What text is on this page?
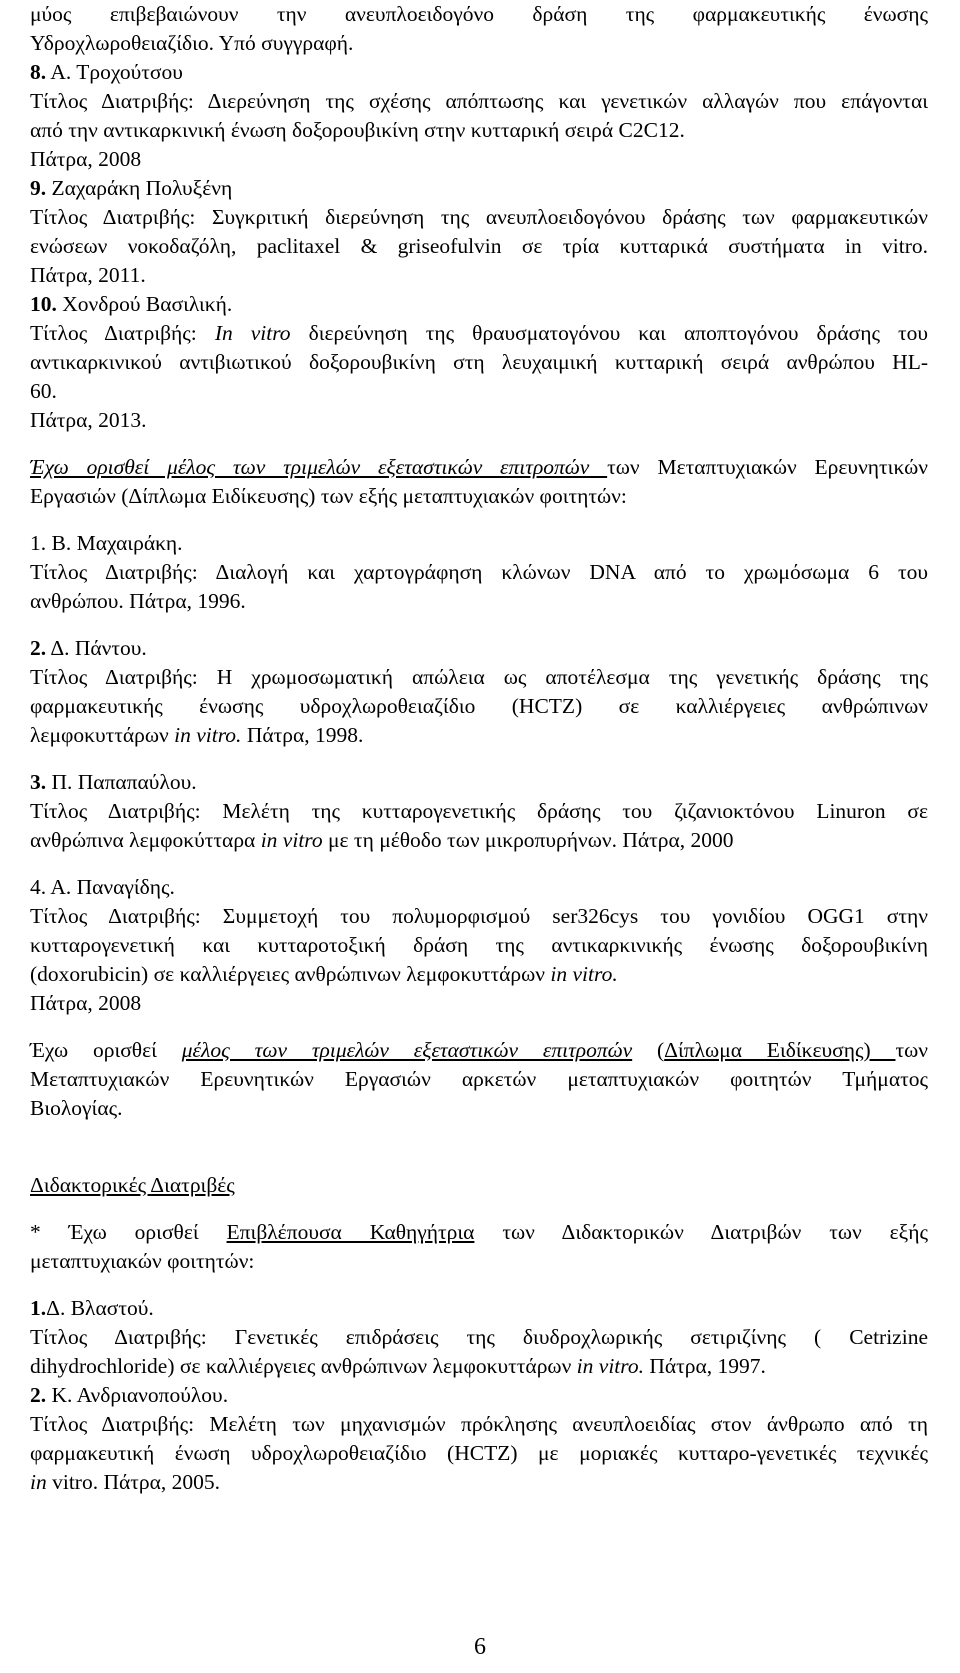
μύος επιβεβαιώνουν την ανευπλοειδογόνο δράση της φαρμακευτικής ένωσης

Υδροχλωροθειαζίδιο. Υπό συγγραφή.

8. Α. Τροχούτσου

Τίτλος Διατριβής: Διερεύνηση της σχέσης απόπτωσης και γενετικών αλλαγών που επάγονται

από την αντικαρκινική ένωση δοξορουβικίνη στην κυτταρική σειρά C2C12.

Πάτρα, 2008

9. Ζαχαράκη Πολυξένη

Τίτλος Διατριβής: Συγκριτική διερεύνηση της ανευπλοειδογόνου δράσης των φαρμακευτικών

ενώσεων νοκοδαζόλη, paclitaxel & griseofulvin σε τρία κυτταρικά συστήματα in vitro.

Πάτρα, 2011.

10. Χονδρού Βασιλική.

Τίτλος Διατριβής: In vitro διερεύνηση της θραυσματογόνου και αποπτογόνου δράσης του

αντικαρκινικού αντιβιωτικού δοξορουβικίνη στη λευχαιμική κυτταρική σειρά ανθρώπου HL-

60.

Πάτρα, 2013.

Έχω ορισθεί μέλος των τριμελών εξεταστικών επιτροπών των Μεταπτυχιακών Ερευνητικών

Εργασιών (Δίπλωμα Ειδίκευσης) των εξής μεταπτυχιακών φοιτητών:

1. Β. Μαχαιράκη.

Τίτλος Διατριβής: Διαλογή και χαρτογράφηση κλώνων DNA από το χρωμόσωμα 6 του

ανθρώπου. Πάτρα, 1996.

2. Δ. Πάντου.

Τίτλος Διατριβής: Η χρωμοσωματική απώλεια ως αποτέλεσμα της γενετικής δράσης της

φαρμακευτικής ένωσης υδροχλωροθειαζίδιο (HCTZ) σε καλλιέργειες ανθρώπινων

λεμφοκυττάρων in vitro. Πάτρα, 1998.

3. Π. Παπαπαύλου.

Τίτλος Διατριβής: Μελέτη της κυτταρογενετικής δράσης του ζιζανιοκτόνου Linuron σε

ανθρώπινα λεμφοκύτταρα in vitro με τη μέθοδο των μικροπυρήνων. Πάτρα, 2000

4. Α. Παναγίδης.

Τίτλος Διατριβής: Συμμετοχή του πολυμορφισμού ser326cys του γονιδίου OGG1 στην

κυτταρογενετική και κυτταροτοξική δράση της αντικαρκινικής ένωσης δοξορουβικίνη

(doxorubicin) σε καλλιέργειες ανθρώπινων λεμφοκυττάρων in vitro.

Πάτρα, 2008

Έχω ορισθεί μέλος των τριμελών εξεταστικών επιτροπών (Δίπλωμα Ειδίκευσης) των

Μεταπτυχιακών Ερευνητικών Εργασιών αρκετών μεταπτυχιακών φοιτητών Τμήματος

Βιολογίας.

Διδακτορικές Διατριβές

* Έχω ορισθεί Επιβλέπουσα Καθηγήτρια των Διδακτορικών Διατριβών των εξής

μεταπτυχιακών φοιτητών:

1.Δ. Βλαστού.

Τίτλος Διατριβής: Γενετικές επιδράσεις της διυδροχλωρικής σετιριζίνης ( Cetrizine

dihydrochloride) σε καλλιέργειες ανθρώπινων λεμφοκυττάρων in vitro. Πάτρα, 1997.

2. Κ. Ανδριανοπούλου.

Τίτλος Διατριβής: Μελέτη των μηχανισμών πρόκλησης ανευπλοειδίας στον άνθρωπο από τη

φαρμακευτική ένωση υδροχλωροθειαζίδιο (HCTZ) με μοριακές κυτταρο-γενετικές τεχνικές

in vitro. Πάτρα, 2005.

6
